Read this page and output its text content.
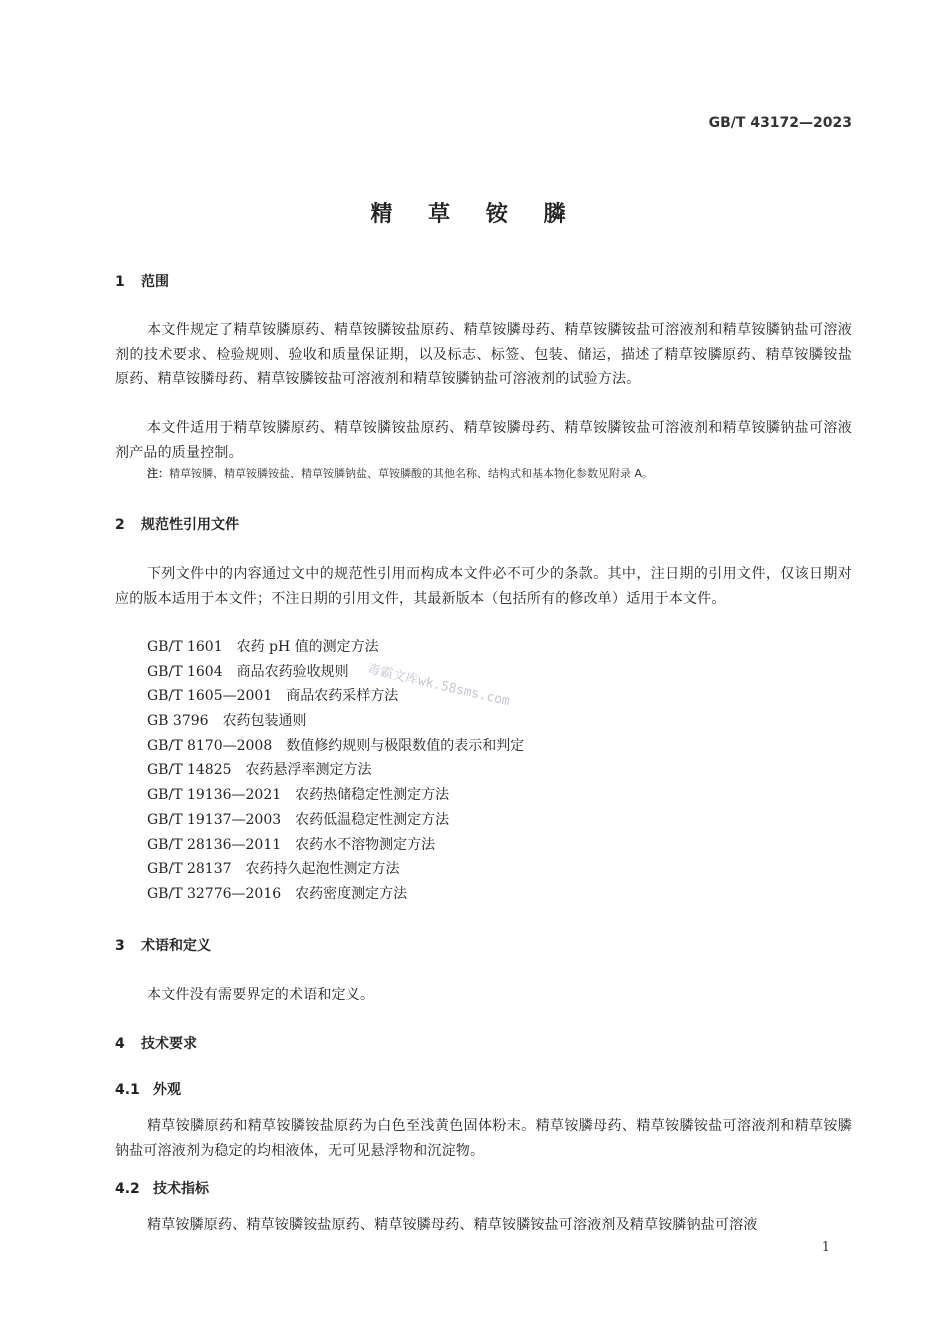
GB/T 43172—2023
精 草 铵 膦
1 范围
本文件规定了精草铵膦原药、精草铵膦铵盐原药、精草铵膦母药、精草铵膦铵盐可溶液剂和精草铵膦钠盐可溶液剂的技术要求、检验规则、验收和质量保证期，以及标志、标签、包装、储运，描述了精草铵膦原药、精草铵膦铵盐原药、精草铵膦母药、精草铵膦铵盐可溶液剂和精草铵膦钠盐可溶液剂的试验方法。
本文件适用于精草铵膦原药、精草铵膦铵盐原药、精草铵膦母药、精草铵膦铵盐可溶液剂和精草铵膦钠盐可溶液剂产品的质量控制。
注：精草铵膦、精草铵膦铵盐、精草铵膦钠盐、草铵膦酸的其他名称、结构式和基本物化参数见附录 A。
2 规范性引用文件
下列文件中的内容通过文中的规范性引用而构成本文件必不可少的条款。其中，注日期的引用文件，仅该日期对应的版本适用于本文件；不注日期的引用文件，其最新版本（包括所有的修改单）适用于本文件。
GB/T 1601 农药 pH 值的测定方法
GB/T 1604 商品农药验收规则
GB/T 1605—2001 商品农药采样方法
GB 3796 农药包装通则
GB/T 8170—2008 数值修约规则与极限数值的表示和判定
GB/T 14825 农药悬浮率测定方法
GB/T 19136—2021 农药热储稳定性测定方法
GB/T 19137—2003 农药低温稳定性测定方法
GB/T 28136—2011 农药水不溶物测定方法
GB/T 28137 农药持久起泡性测定方法
GB/T 32776—2016 农药密度测定方法
毒霸文库wk.58sms.com
3 术语和定义
本文件没有需要界定的术语和定义。
4 技术要求
4.1 外观
精草铵膦原药和精草铵膦铵盐原药为白色至浅黄色固体粉末。精草铵膦母药、精草铵膦铵盐可溶液剂和精草铵膦钠盐可溶液剂为稳定的均相液体，无可见悬浮物和沉淀物。
4.2 技术指标
精草铵膦原药、精草铵膦铵盐原药、精草铵膦母药、精草铵膦铵盐可溶液剂及精草铵膦钠盐可溶液
1
